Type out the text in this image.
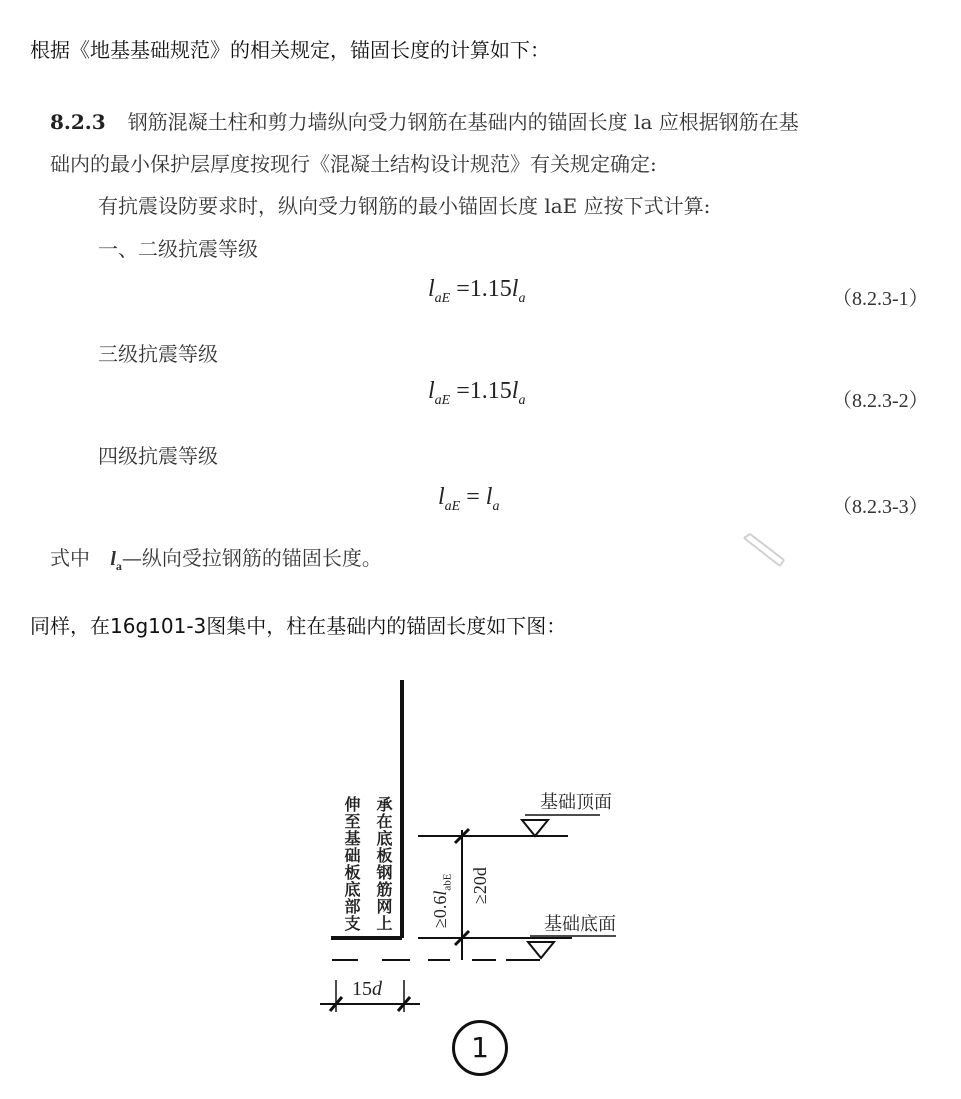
根据《地基基础规范》的相关规定，锚固长度的计算如下：
8.2.3 钢筋混凝土柱和剪力墙纵向受力钢筋在基础内的锚固长度 la 应根据钢筋在基
础内的最小保护层厚度按现行《混凝土结构设计规范》有关规定确定:
有抗震设防要求时，纵向受力钢筋的最小锚固长度 laE 应按下式计算:
一、二级抗震等级
$l_{aE} =1.15l_a$	（8.2.3-1）
三级抗震等级
$l_{aE} =1.15l_a$	（8.2.3-2）
四级抗震等级
$l_{aE} = l_a$	（8.2.3-3）
式中 $l_a—$纵向受拉钢筋的锚固长度。
同样，在16g101-3图集中，柱在基础内的锚固长度如下图：
伸至基础板底部支 承在底板钢筋网上 $\ge 0.6l_{abE} \ge 20d$
基础顶面
基础底面
15d
1
